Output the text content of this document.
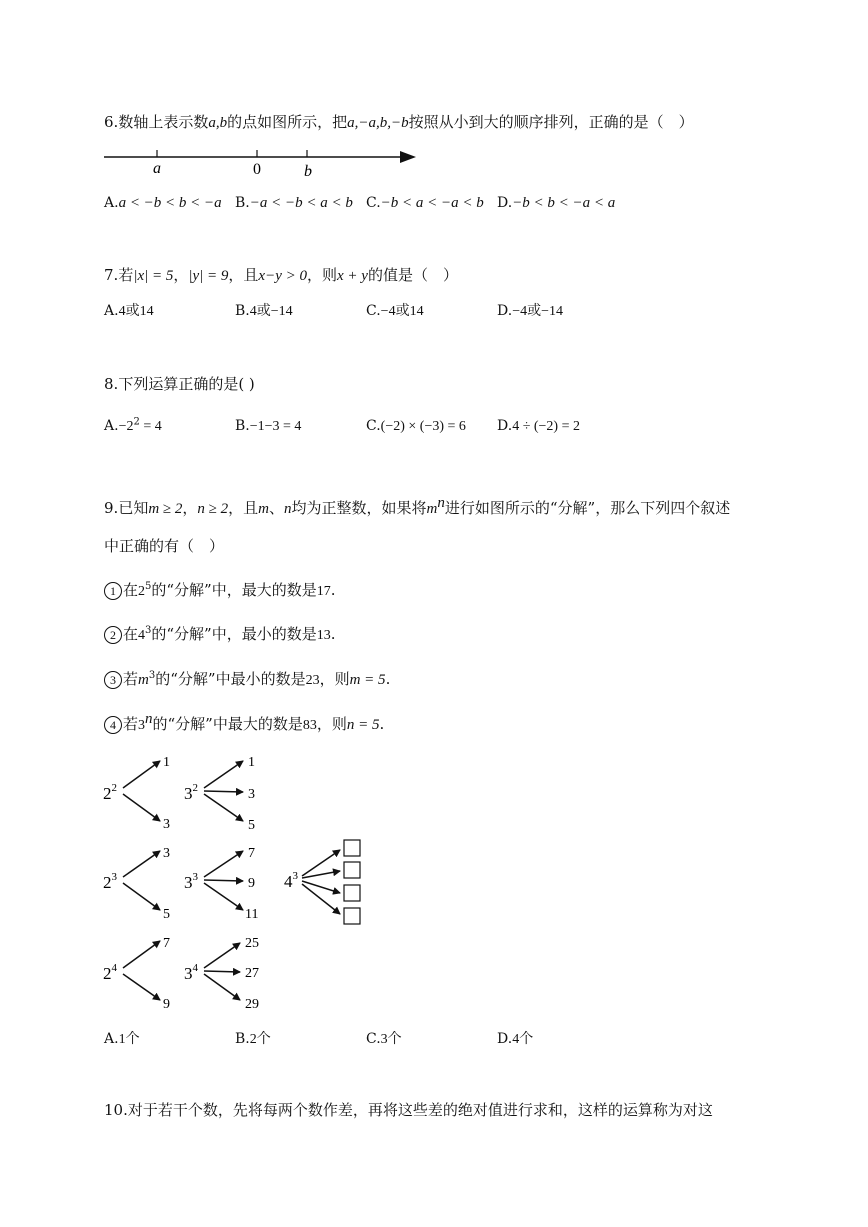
6.数轴上表示数a,b的点如图所示，把a,−a,b,−b按照从小到大的顺序排列，正确的是（　）
a	0	b
A.a < −b < b < −a B.−a < −b < a < b C.−b < a < −a < b D.−b < b < −a < a
7.若|x| = 5，|y| = 9，且x−y > 0，则x + y的值是（　）
A.4或14	B.4或−14	C.−4或14	D.−4或−14
8.下列运算正确的是( )
$A.-2^2 = 4$	B.−1−3 = 4	C.(−2) × (−3) = 6 D.4 ÷ (−2) = 2
9.已知m ≥ 2，n ≥ 2，且m、n均为正整数，如果将$m^n$进行如图所示的“分解”，那么下列四个叙述
中正确的有（　）
1 在$2^5$的“分解”中，最大的数是17.
2 在$4^3$的“分解”中，最小的数是13.
3 若$m^3$的“分解”中最小的数是23，则m = 5.
4 若3$^n$的“分解”中最大的数是83，则n = 5.
$2^2$
1
3
$3^2$
1
3
5
$2^3$
3
5
$3^3$
7
9
11
$4^3$
$2^4$
7
9
$3^4$
25
27
29
A.1个	B.2个	C.3个	D.4个
10.对于若干个数，先将每两个数作差，再将这些差的绝对值进行求和，这样的运算称为对这
